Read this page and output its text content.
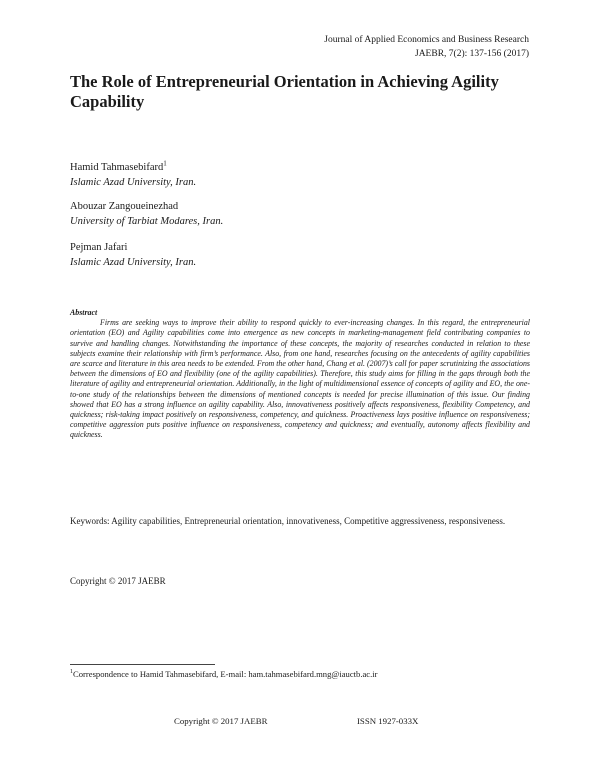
Journal of Applied Economics and Business Research
JAEBR, 7(2): 137-156 (2017)
The Role of Entrepreneurial Orientation in Achieving Agility Capability
Hamid Tahmasebifard$^1$
Islamic Azad University, Iran.
Abouzar Zangoueinezhad
University of Tarbiat Modares, Iran.
Pejman Jafari
Islamic Azad University, Iran.
Abstract

Firms are seeking ways to improve their ability to respond quickly to ever-increasing changes. In this regard, the entrepreneurial orientation (EO) and Agility capabilities come into emergence as new concepts in marketing-management field contributing companies to survive and handling changes. Notwithstanding the importance of these concepts, the majority of researches conducted in relation to these subjects examine their relationship with firm’s performance. Also, from one hand, researches focusing on the antecedents of agility capabilities are scarce and literature in this area needs to be extended. From the other hand, Chang et al. (2007)’s call for paper scrutinizing the associations between the dimensions of EO and flexibility (one of the agility capabilities). Therefore, this study aims for filling in the gaps through both the literature of agility and entrepreneurial orientation. Additionally, in the light of multidimensional essence of concepts of agility and EO, the one-to-one study of the relationships between the dimensions of mentioned concepts is needed for precise illumination of this issue. Our finding showed that EO has a strong influence on agility capability. Also, innovativeness positively affects responsiveness, flexibility Competency, and quickness; risk-taking impact positively on responsiveness, competency, and quickness. Proactiveness lays positive influence on responsiveness; competitive aggression puts positive influence on responsiveness, competency and quickness; and eventually, autonomy affects flexibility and quickness.

Keywords: Agility capabilities, Entrepreneurial orientation, innovativeness, Competitive aggressiveness, responsiveness.
Copyright © 2017 JAEBR
$^1$Correspondence to Hamid Tahmasebifard, E-mail: ham.tahmasebifard.mng@iauctb.ac.ir
Copyright © 2017 JAEBR	ISSN 1927-033X
